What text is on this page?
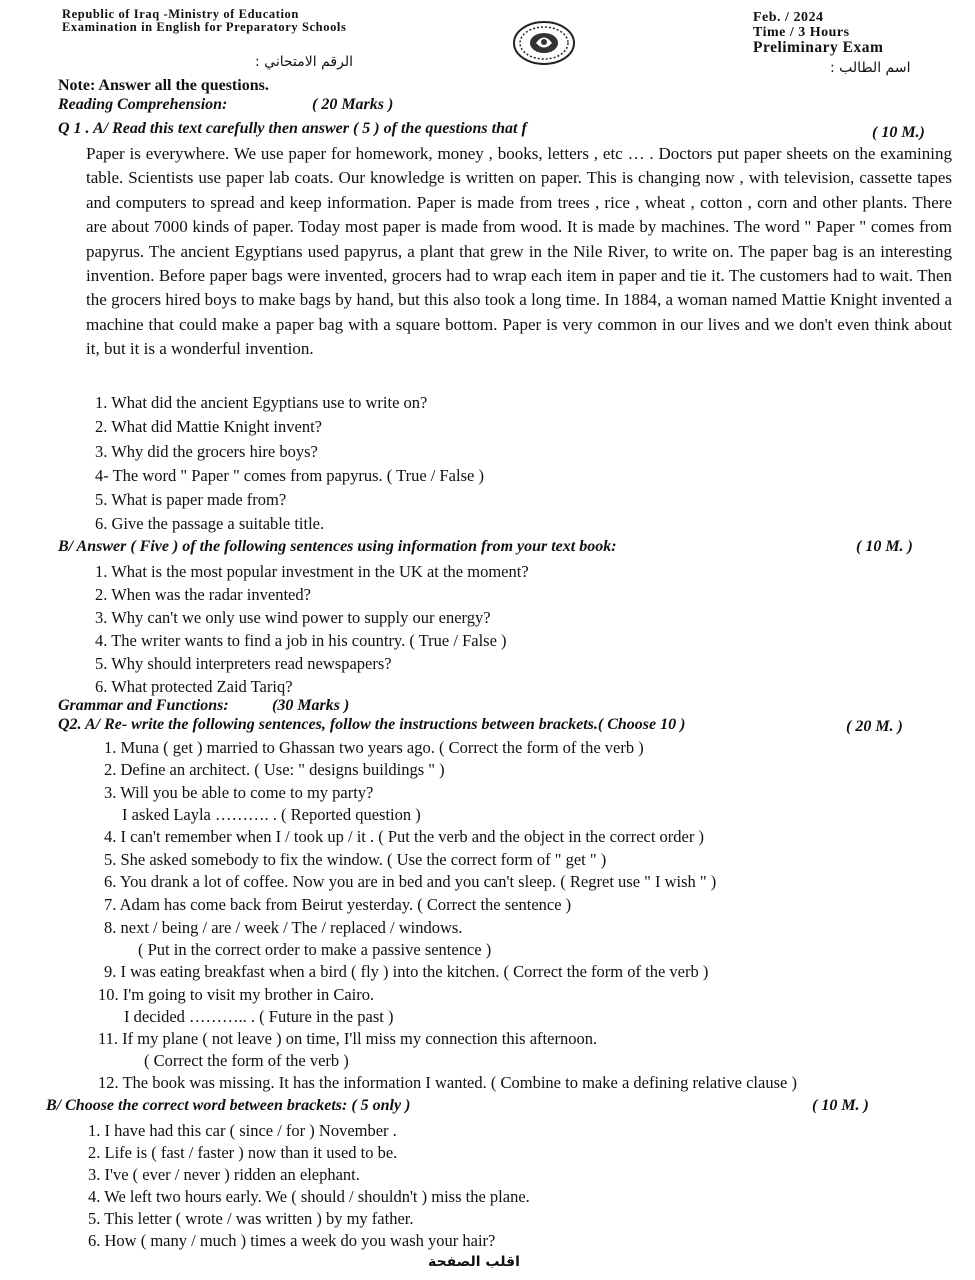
Republic of Iraq -Ministry of Education
Examination in English for Preparatory Schools
Feb. / 2024
Time / 3 Hours
Preliminary Exam
الرقم الامتحاني :	اسم الطالب :
Note: Answer all the questions.
Reading Comprehension:	( 20 Marks )
Q 1 . A/ Read this text carefully then answer ( 5 ) of the questions that f	( 10 M.)
Paper is everywhere. We use paper for homework, money , books, letters , etc … . Doctors put paper sheets on the examining table. Scientists use paper lab coats. Our knowledge is written on paper. This is changing now , with television, cassette tapes and computers to spread and keep information. Paper is made from trees , rice , wheat , cotton , corn and other plants. There are about 7000 kinds of paper. Today most paper is made from wood. It is made by machines. The word " Paper " comes from papyrus. The ancient Egyptians used papyrus, a plant that grew in the Nile River, to write on. The paper bag is an interesting invention. Before paper bags were invented, grocers had to wrap each item in paper and tie it. The customers had to wait. Then the grocers hired boys to make bags by hand, but this also took a long time. In 1884, a woman named Mattie Knight invented a machine that could make a paper bag with a square bottom. Paper is very common in our lives and we don't even think about it, but it is a wonderful invention.
1. What did the ancient Egyptians use to write on?
2. What did Mattie Knight invent?
3. Why did the grocers hire boys?
4- The word " Paper " comes from papyrus. ( True / False )
5. What is paper made from?
6. Give the passage a suitable title.
B/ Answer ( Five ) of the following sentences using information from your text book:	( 10 M. )
1. What is the most popular investment in the UK at the moment?
2. When was the radar invented?
3. Why can't we only use wind power to supply our energy?
4. The writer wants to find a job in his country. ( True / False )
5. Why should interpreters read newspapers?
6. What protected Zaid Tariq?
Grammar and Functions:	(30 Marks )
Q2. A/ Re- write the following sentences, follow the instructions between brackets.( Choose 10 )	( 20 M. )
1. Muna ( get ) married to Ghassan two years ago. ( Correct the form of the verb )
2. Define an architect. ( Use: " designs buildings " )
3. Will you be able to come to my party?
I asked Layla ………. . ( Reported question )
4. I can't remember when I / took up / it . ( Put the verb and the object in the correct order )
5. She asked somebody to fix the window. ( Use the correct form of " get " )
6. You drank a lot of coffee. Now you are in bed and you can't sleep. ( Regret use " I wish " )
7. Adam has come back from Beirut yesterday. ( Correct the sentence )
8. next / being / are / week / The / replaced / windows.
( Put in the correct order to make a passive sentence )
9. I was eating breakfast when a bird ( fly ) into the kitchen. ( Correct the form of the verb )
10. I'm going to visit my brother in Cairo.
I decided ……….. . ( Future in the past )
11. If my plane ( not leave ) on time, I'll miss my connection this afternoon.
( Correct the form of the verb )
12. The book was missing. It has the information I wanted. ( Combine to make a defining relative clause )
B/ Choose the correct word between brackets: ( 5 only )	( 10 M. )
1. I have had this car ( since / for ) November .
2. Life is ( fast / faster ) now than it used to be.
3. I've ( ever / never ) ridden an elephant.
4. We left two hours early. We ( should / shouldn't ) miss the plane.
5. This letter ( wrote / was written ) by my father.
6. How ( many / much ) times a week do you wash your hair?
اقلب الصفحة
